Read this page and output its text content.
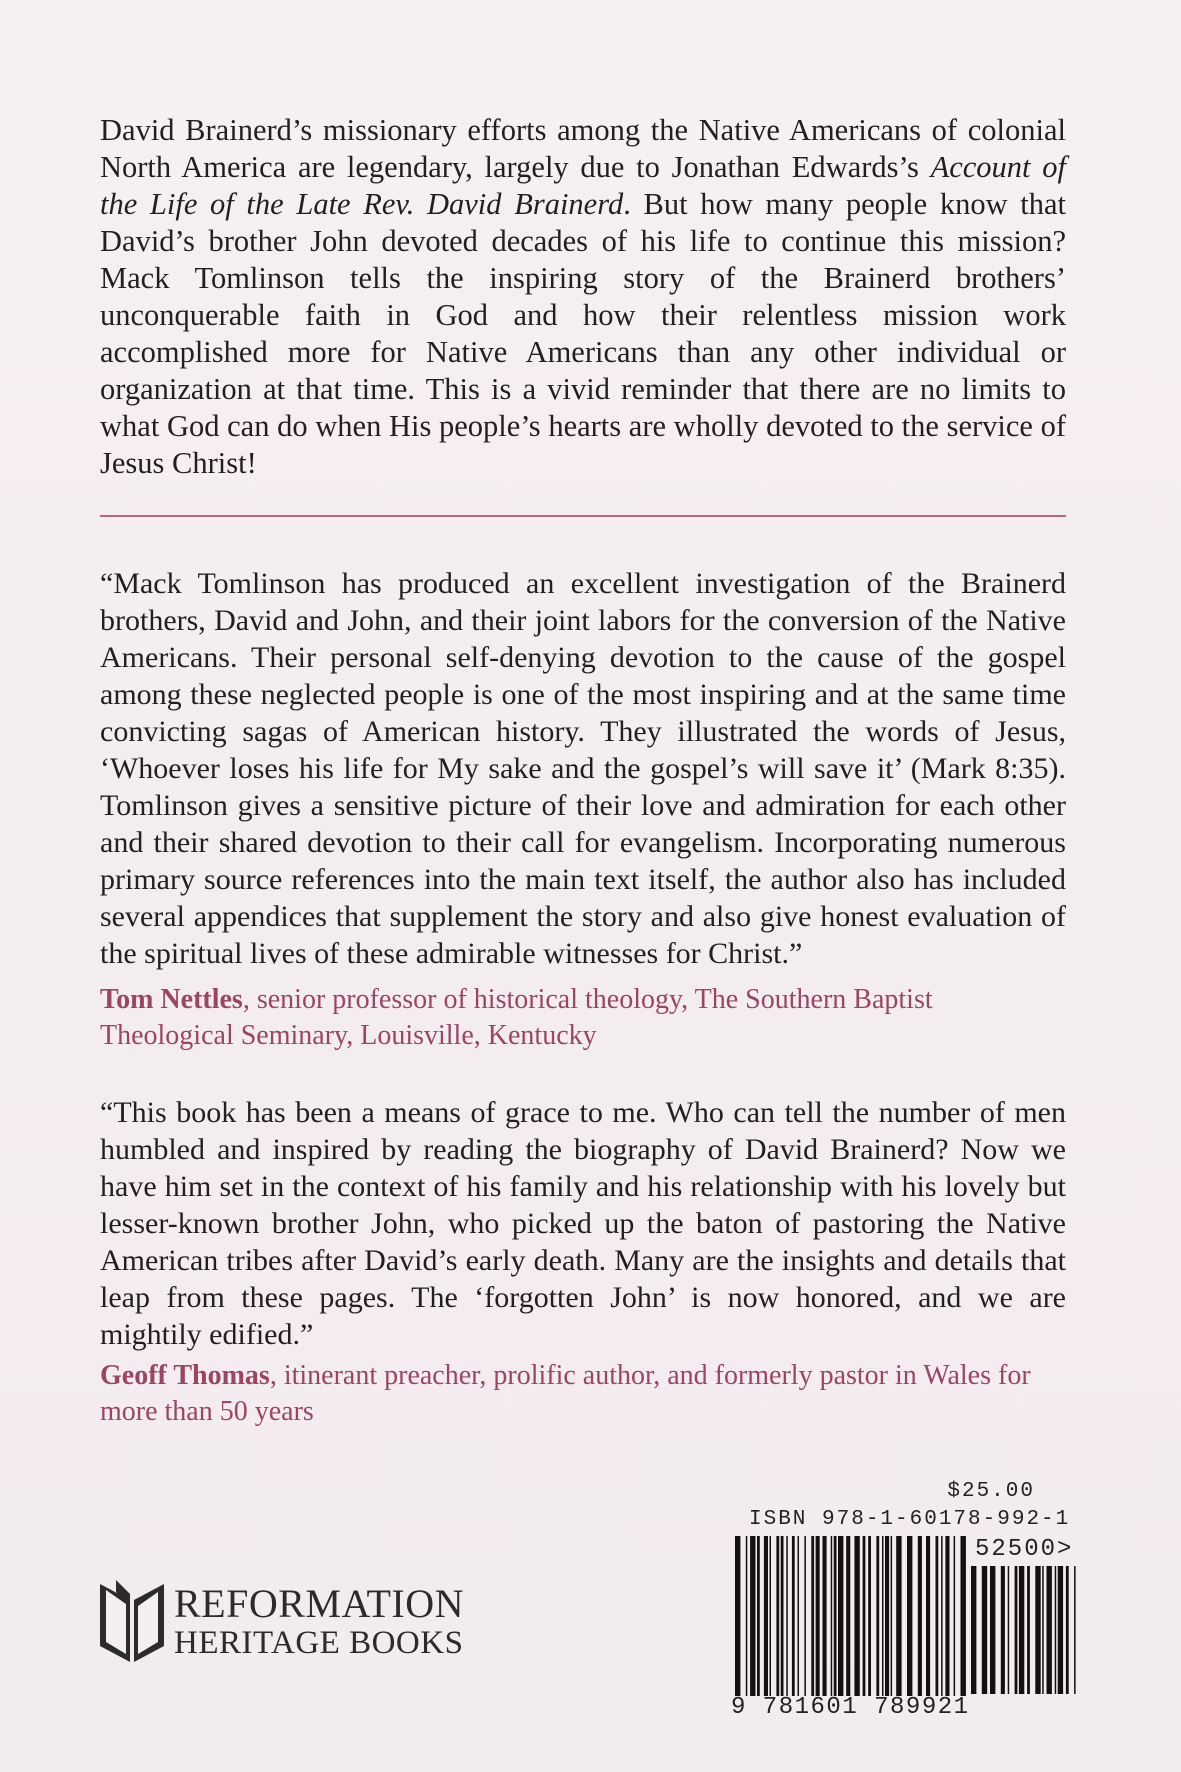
David Brainerd’s missionary efforts among the Native Americans of colonial North America are legendary, largely due to Jonathan Edwards’s Account of the Life of the Late Rev. David Brainerd. But how many people know that David’s brother John devoted decades of his life to continue this mission? Mack Tomlinson tells the inspiring story of the Brainerd brothers’ unconquerable faith in God and how their relentless mission work accomplished more for Native Americans than any other individual or organization at that time. This is a vivid reminder that there are no limits to what God can do when His people’s hearts are wholly devoted to the service of Jesus Christ!

“Mack Tomlinson has produced an excellent investigation of the Brainerd brothers, David and John, and their joint labors for the conversion of the Native Americans. Their personal self-denying devotion to the cause of the gospel among these neglected people is one of the most inspiring and at the same time convicting sagas of American history. They illustrated the words of Jesus, ‘Whoever loses his life for My sake and the gospel’s will save it’ (Mark 8:35). Tomlinson gives a sensitive picture of their love and admiration for each other and their shared devotion to their call for evangelism. Incorporating numerous primary source references into the main text itself, the author also has included several appendices that supplement the story and also give honest evaluation of the spiritual lives of these admirable witnesses for Christ.”

Tom Nettles, senior professor of historical theology, The Southern Baptist Theological Seminary, Louisville, Kentucky

“This book has been a means of grace to me. Who can tell the number of men humbled and inspired by reading the biography of David Brainerd? Now we have him set in the context of his family and his relationship with his lovely but lesser-known brother John, who picked up the baton of pastoring the Native American tribes after David’s early death. Many are the insights and details that leap from these pages. The ‘forgotten John’ is now honored, and we are mightily edified.”

Geoff Thomas, itinerant preacher, prolific author, and formerly pastor in Wales for more than 50 years

REFORMATION
HERITAGE BOOKS
$25.00
ISBN 978-1-60178-992-1
52500>
9 781601 789921
